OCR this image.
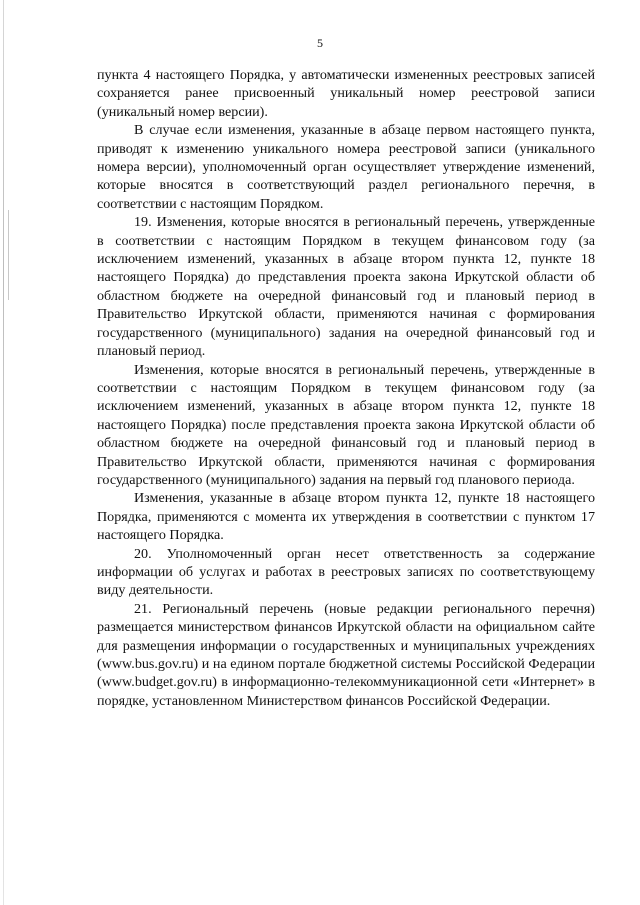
5

пункта 4 настоящего Порядка, у автоматически измененных реестровых записей сохраняется ранее присвоенный уникальный номер реестровой записи (уникальный номер версии).

В случае если изменения, указанные в абзаце первом настоящего пункта, приводят к изменению уникального номера реестровой записи (уникального номера версии), уполномоченный орган осуществляет утверждение изменений, которые вносятся в соответствующий раздел регионального перечня, в соответствии с настоящим Порядком.

19. Изменения, которые вносятся в региональный перечень, утвержденные в соответствии с настоящим Порядком в текущем финансовом году (за исключением изменений, указанных в абзаце втором пункта 12, пункте 18 настоящего Порядка) до представления проекта закона Иркутской области об областном бюджете на очередной финансовый год и плановый период в Правительство Иркутской области, применяются начиная с формирования государственного (муниципального) задания на очередной финансовый год и плановый период.

Изменения, которые вносятся в региональный перечень, утвержденные в соответствии с настоящим Порядком в текущем финансовом году (за исключением изменений, указанных в абзаце втором пункта 12, пункте 18 настоящего Порядка) после представления проекта закона Иркутской области об областном бюджете на очередной финансовый год и плановый период в Правительство Иркутской области, применяются начиная с формирования государственного (муниципального) задания на первый год планового периода.

Изменения, указанные в абзаце втором пункта 12, пункте 18 настоящего Порядка, применяются с момента их утверждения в соответствии с пунктом 17 настоящего Порядка.

20. Уполномоченный орган несет ответственность за содержание информации об услугах и работах в реестровых записях по соответствующему виду деятельности.

21. Региональный перечень (новые редакции регионального перечня) размещается министерством финансов Иркутской области на официальном сайте для размещения информации о государственных и муниципальных учреждениях (www.bus.gov.ru) и на едином портале бюджетной системы Российской Федерации (www.budget.gov.ru) в информационно-телекоммуникационной сети «Интернет» в порядке, установленном Министерством финансов Российской Федерации.
